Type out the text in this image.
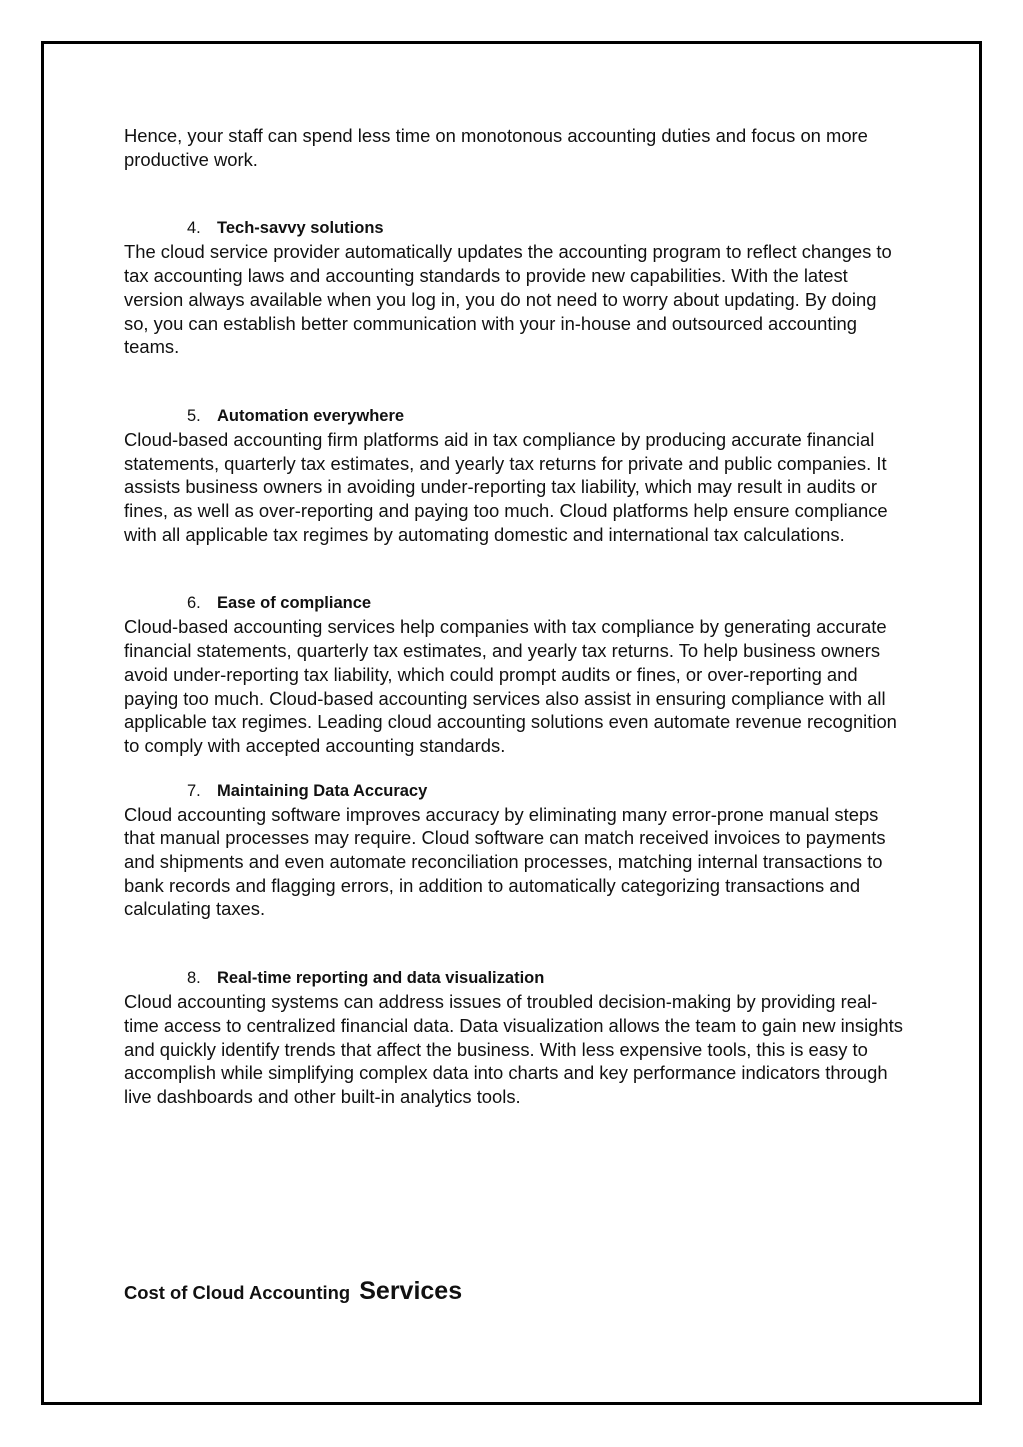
Hence, your staff can spend less time on monotonous accounting duties and focus on more productive work.

4. Tech-savvy solutions

The cloud service provider automatically updates the accounting program to reflect changes to tax accounting laws and accounting standards to provide new capabilities. With the latest version always available when you log in, you do not need to worry about updating. By doing so, you can establish better communication with your in-house and outsourced accounting teams.

5. Automation everywhere

Cloud-based accounting firm platforms aid in tax compliance by producing accurate financial statements, quarterly tax estimates, and yearly tax returns for private and public companies. It assists business owners in avoiding under-reporting tax liability, which may result in audits or fines, as well as over-reporting and paying too much. Cloud platforms help ensure compliance with all applicable tax regimes by automating domestic and international tax calculations.

6. Ease of compliance

Cloud-based accounting services help companies with tax compliance by generating accurate financial statements, quarterly tax estimates, and yearly tax returns. To help business owners avoid under-reporting tax liability, which could prompt audits or fines, or over-reporting and paying too much. Cloud-based accounting services also assist in ensuring compliance with all applicable tax regimes. Leading cloud accounting solutions even automate revenue recognition to comply with accepted accounting standards.

7. Maintaining Data Accuracy

Cloud accounting software improves accuracy by eliminating many error-prone manual steps that manual processes may require. Cloud software can match received invoices to payments and shipments and even automate reconciliation processes, matching internal transactions to bank records and flagging errors, in addition to automatically categorizing transactions and calculating taxes.

8. Real-time reporting and data visualization

Cloud accounting systems can address issues of troubled decision-making by providing real-time access to centralized financial data. Data visualization allows the team to gain new insights and quickly identify trends that affect the business. With less expensive tools, this is easy to accomplish while simplifying complex data into charts and key performance indicators through live dashboards and other built-in analytics tools.

Cost of Cloud Accounting Services
